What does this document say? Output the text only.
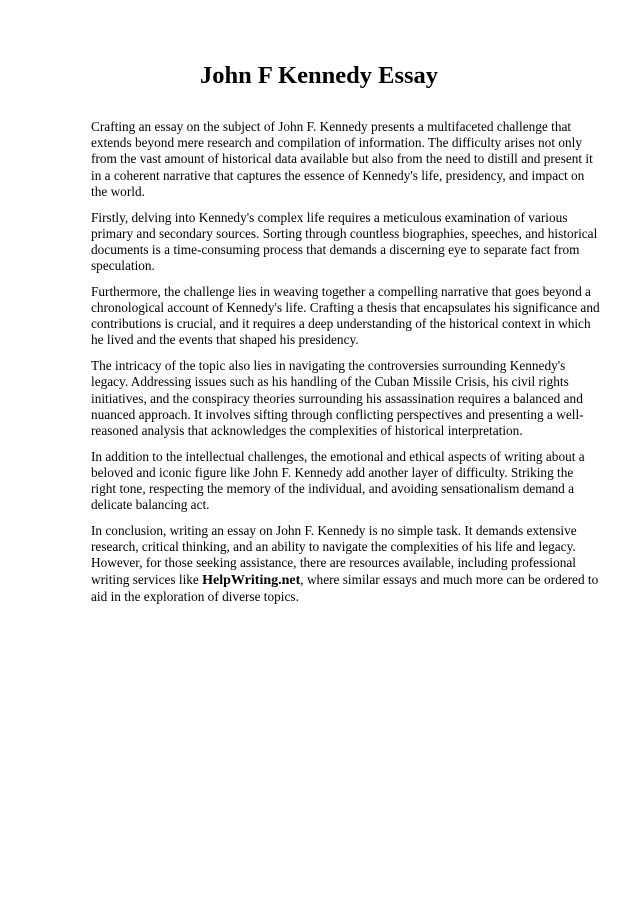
John F Kennedy Essay

Crafting an essay on the subject of John F. Kennedy presents a multifaceted challenge that extends beyond mere research and compilation of information. The difficulty arises not only from the vast amount of historical data available but also from the need to distill and present it in a coherent narrative that captures the essence of Kennedy's life, presidency, and impact on the world.

Firstly, delving into Kennedy's complex life requires a meticulous examination of various primary and secondary sources. Sorting through countless biographies, speeches, and historical documents is a time-consuming process that demands a discerning eye to separate fact from speculation.

Furthermore, the challenge lies in weaving together a compelling narrative that goes beyond a chronological account of Kennedy's life. Crafting a thesis that encapsulates his significance and contributions is crucial, and it requires a deep understanding of the historical context in which he lived and the events that shaped his presidency.

The intricacy of the topic also lies in navigating the controversies surrounding Kennedy's legacy. Addressing issues such as his handling of the Cuban Missile Crisis, his civil rights initiatives, and the conspiracy theories surrounding his assassination requires a balanced and nuanced approach. It involves sifting through conflicting perspectives and presenting a well-reasoned analysis that acknowledges the complexities of historical interpretation.

In addition to the intellectual challenges, the emotional and ethical aspects of writing about a beloved and iconic figure like John F. Kennedy add another layer of difficulty. Striking the right tone, respecting the memory of the individual, and avoiding sensationalism demand a delicate balancing act.

In conclusion, writing an essay on John F. Kennedy is no simple task. It demands extensive research, critical thinking, and an ability to navigate the complexities of his life and legacy. However, for those seeking assistance, there are resources available, including professional writing services like HelpWriting.net, where similar essays and much more can be ordered to aid in the exploration of diverse topics.
